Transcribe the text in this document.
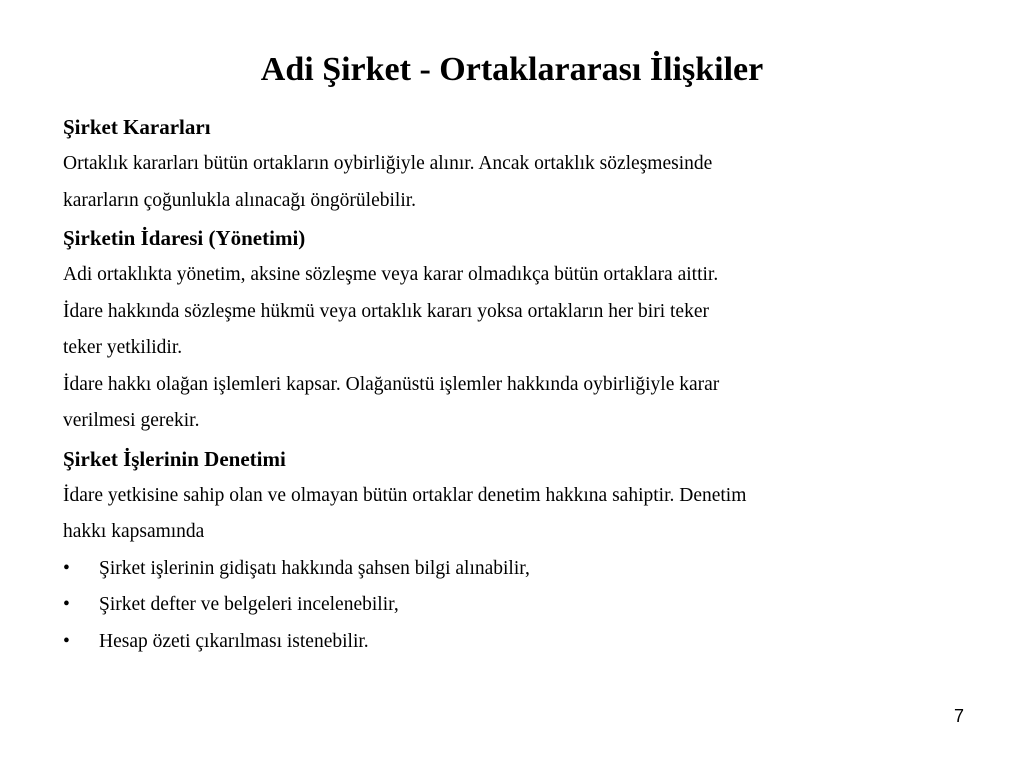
Adi Şirket - Ortaklararası İlişkiler
Şirket Kararları
Ortaklık kararları bütün ortakların oybirliğiyle alınır. Ancak ortaklık sözleşmesinde
kararların çoğunlukla alınacağı öngörülebilir.
Şirketin İdaresi (Yönetimi)
Adi ortaklıkta yönetim, aksine sözleşme veya karar olmadıkça bütün ortaklara aittir.
İdare hakkında sözleşme hükmü veya ortaklık kararı yoksa ortakların her biri teker
teker yetkilidir.
İdare hakkı olağan işlemleri kapsar. Olağanüstü işlemler hakkında oybirliğiyle karar
verilmesi gerekir.
Şirket İşlerinin Denetimi
İdare yetkisine sahip olan ve olmayan bütün ortaklar denetim hakkına sahiptir. Denetim
hakkı kapsamında
• Şirket işlerinin gidişatı hakkında şahsen bilgi alınabilir,
• Şirket defter ve belgeleri incelenebilir,
• Hesap özeti çıkarılması istenebilir.
7
